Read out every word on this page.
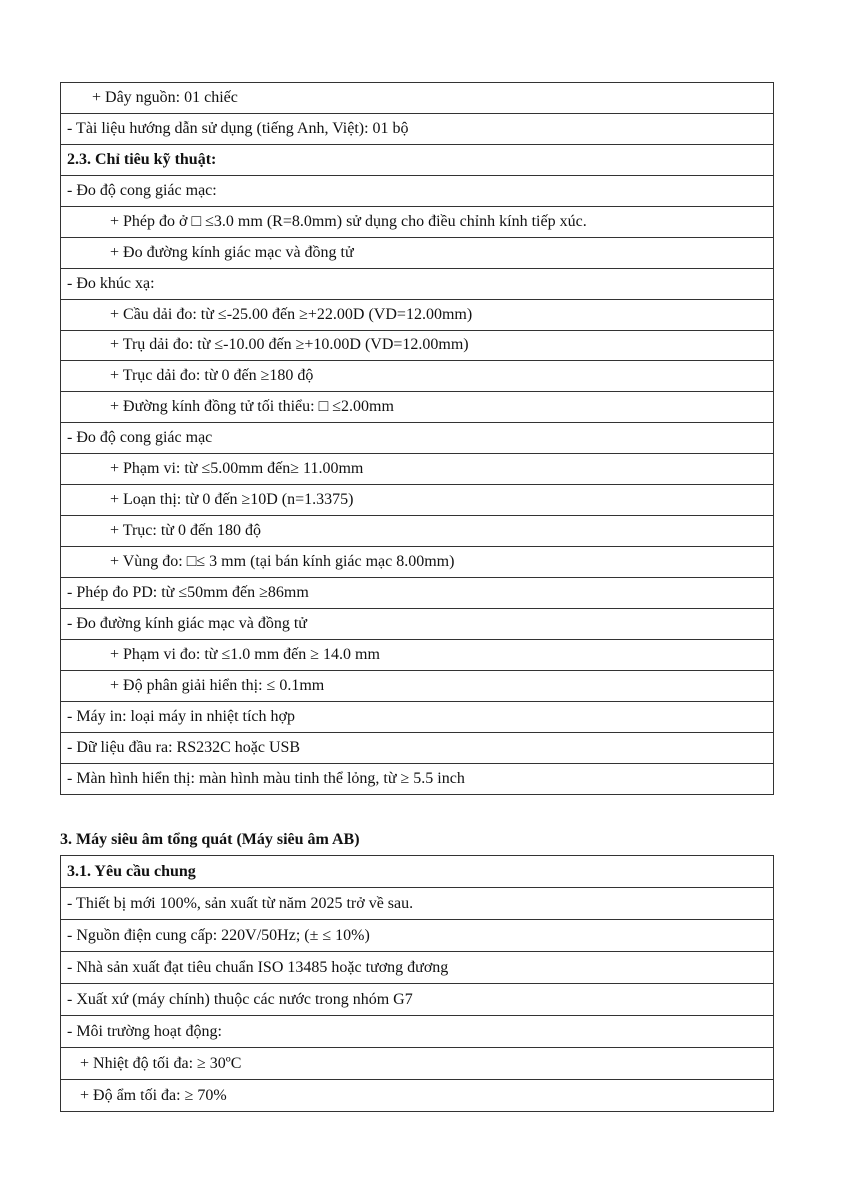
+ Dây nguồn: 01 chiếc
- Tài liệu hướng dẫn sử dụng (tiếng Anh, Việt): 01 bộ
2.3. Chỉ tiêu kỹ thuật:
- Đo độ cong giác mạc:
+ Phép đo ở □ ≤3.0 mm (R=8.0mm) sử dụng cho điều chỉnh kính tiếp xúc.
+ Đo đường kính giác mạc và đồng tử
- Đo khúc xạ:
+ Cầu dải đo: từ ≤-25.00 đến ≥+22.00D (VD=12.00mm)
+ Trụ dải đo: từ ≤-10.00 đến ≥+10.00D (VD=12.00mm)
+ Trục dải đo: từ 0 đến ≥180 độ
+ Đường kính đồng tử tối thiểu: □ ≤2.00mm
- Đo độ cong giác mạc
+ Phạm vi: từ ≤5.00mm đến≥ 11.00mm
+ Loạn thị: từ 0 đến ≥10D (n=1.3375)
+ Trục: từ 0 đến 180 độ
+ Vùng đo: □≤ 3 mm (tại bán kính giác mạc 8.00mm)
- Phép đo PD: từ ≤50mm đến ≥86mm
- Đo đường kính giác mạc và đồng tử
+ Phạm vi đo: từ ≤1.0 mm đến ≥ 14.0 mm
+ Độ phân giải hiển thị: ≤ 0.1mm
- Máy in: loại máy in nhiệt tích hợp
- Dữ liệu đầu ra: RS232C hoặc USB
- Màn hình hiển thị: màn hình màu tinh thể lỏng, từ ≥ 5.5 inch
3. Máy siêu âm tổng quát (Máy siêu âm AB)
3.1. Yêu cầu chung
- Thiết bị mới 100%, sản xuất từ năm 2025 trở về sau.
- Nguồn điện cung cấp: 220V/50Hz; (± ≤ 10%)
- Nhà sản xuất đạt tiêu chuẩn ISO 13485 hoặc tương đương
- Xuất xứ (máy chính) thuộc các nước trong nhóm G7
- Môi trường hoạt động:
+ Nhiệt độ tối đa: ≥ 30ºC
+ Độ ẩm tối đa: ≥ 70%
